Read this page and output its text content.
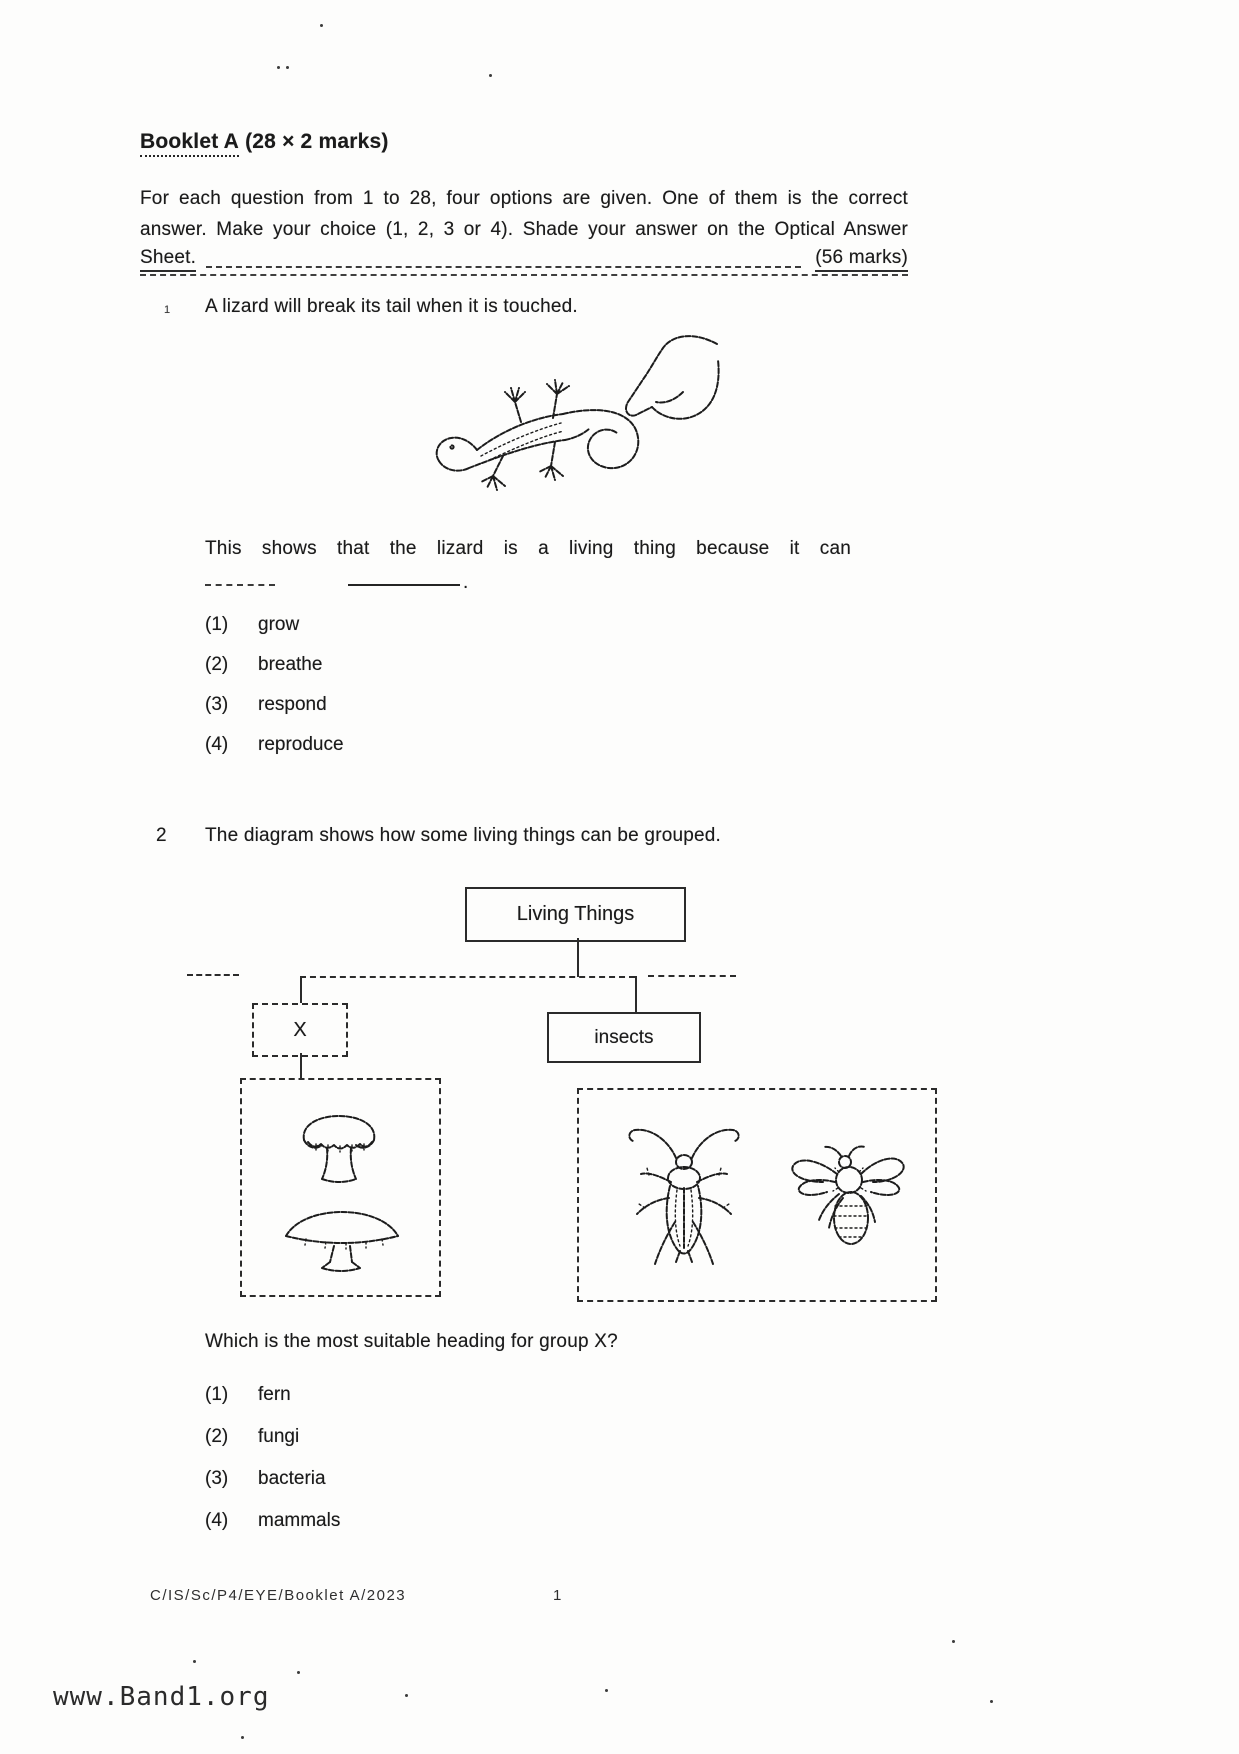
Booklet A (28 × 2 marks)
For each question from 1 to 28, four options are given. One of them is the correct
answer. Make your choice (1, 2, 3 or 4). Shade your answer on the Optical Answer
Sheet.	(56 marks)
1 A lizard will break its tail when it is touched.
This shows that the lizard is a living thing because it can
.
(1)	grow
(2)	breathe
(3)	respond
(4)	reproduce
2 The diagram shows how some living things can be grouped.
Living Things
X	insects
Which is the most suitable heading for group X?
(1)	fern
(2)	fungi
(3)	bacteria
(4)	mammals
C/IS/Sc/P4/EYE/Booklet A/2023	1
www.Band1.org
